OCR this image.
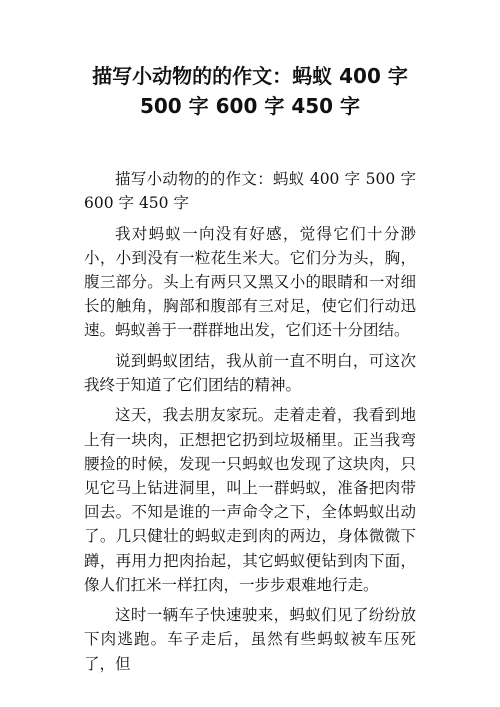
描写小动物的的作文：蚂蚁 400 字
500 字 600 字 450 字

描写小动物的的作文：蚂蚁 400 字 500 字 600 字 450 字

我对蚂蚁一向没有好感，觉得它们十分渺小，小到没有一粒花生米大。它们分为头，胸，腹三部分。头上有两只又黑又小的眼睛和一对细长的触角，胸部和腹部有三对足，使它们行动迅速。蚂蚁善于一群群地出发，它们还十分团结。

说到蚂蚁团结，我从前一直不明白，可这次我终于知道了它们团结的精神。

这天，我去朋友家玩。走着走着，我看到地上有一块肉，正想把它扔到垃圾桶里。正当我弯腰捡的时候，发现一只蚂蚁也发现了这块肉，只见它马上钻进洞里，叫上一群蚂蚁，准备把肉带回去。不知是谁的一声命令之下，全体蚂蚁出动了。几只健壮的蚂蚁走到肉的两边，身体微微下蹲，再用力把肉抬起，其它蚂蚁便钻到肉下面，像人们扛米一样扛肉，一步步艰难地行走。

这时一辆车子快速驶来，蚂蚁们见了纷纷放下肉逃跑。车子走后，虽然有些蚂蚁被车压死了，但
